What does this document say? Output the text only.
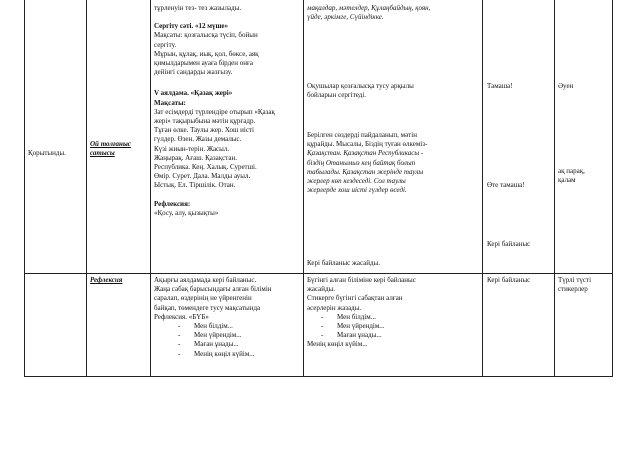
Қорытынды.
Ой толғаныс
сатысы
тұрленуін тез- тез жазылады.
Сергіту сәті. «12 мүше»
Мақсаты: қозғалысқа түсіп, бойын
сергіту.
Мұрын, құлақ, иық, қол, бөксе, аяқ
қимылдарымен ауаға бірден онға
дейінгі сандарды жазғызу.
V аялдама. «Қазақ жері»
Мақсаты:
Зат есімдерді түрлендіре отырып «Қазақ
жері» тақырыбына мәтін құрғадр.
Тұған өлке. Таулы жер. Хош иісті
гүлдер. Өзен. Жазы демалыс.
Күзі жиын-терін. Жасыл.
Жаңырақ. Ағаш. Қазақстан.
Республика. Кең. Халық. Суретші.
Өмір. Сурет. Дала. Малды ауыл.
Ыстық. Ел. Тіршілік. Отан.
Рефлексия:
«Қосу, алу, қызықты»
мақалдар, мәтелдер, Құлаңбайдың, қоян,
үйде, әркімге, Сүйіндікке.
Оқушылар қозғалысқа тусу арқылы
бойларын сергітеді.
Берілген сөздерді пайдаланып, мәтін
құрайды. Мысалы, Біздің туған өлкеміз-
Қазақстан. Қазақстан Республикасы -
біздің Отанымыз кең байтақ болып
табылады. Қазақстан жерінде таулы
жерлер көп кездеседі. Сол таулы
жерлерде хош иісті гүлдер өседі.
Кері байланыс жасайды.
Тамаша!
Өте тамаша!
Кері байланыс
Әуен
ақ парақ,
қалам
Рефлексия	Ақырғы аялдамада кері байланыс.
Жаңа сабақ барысындағы алған білімін
саралап, өздерінің не үйренгенін
байқап, төмендеге тусу мақсатында
Рефлексия. «БҮБ»
- Мен білдім...
- Мен үйрендім...
- Маған ұнады...
- Менің көңіл күйім...
Бүгінгі алған біліміне кері байланыс
жасайды.
Стикерге бүгінгі сабақтан алған
әсерлерін жазады.
- Мен білдім...
- Мен үйрендім...
- Маған ұнады...
Менің көңіл күйім...
Кері байланыс	Түрлі түсті
стикерлер
